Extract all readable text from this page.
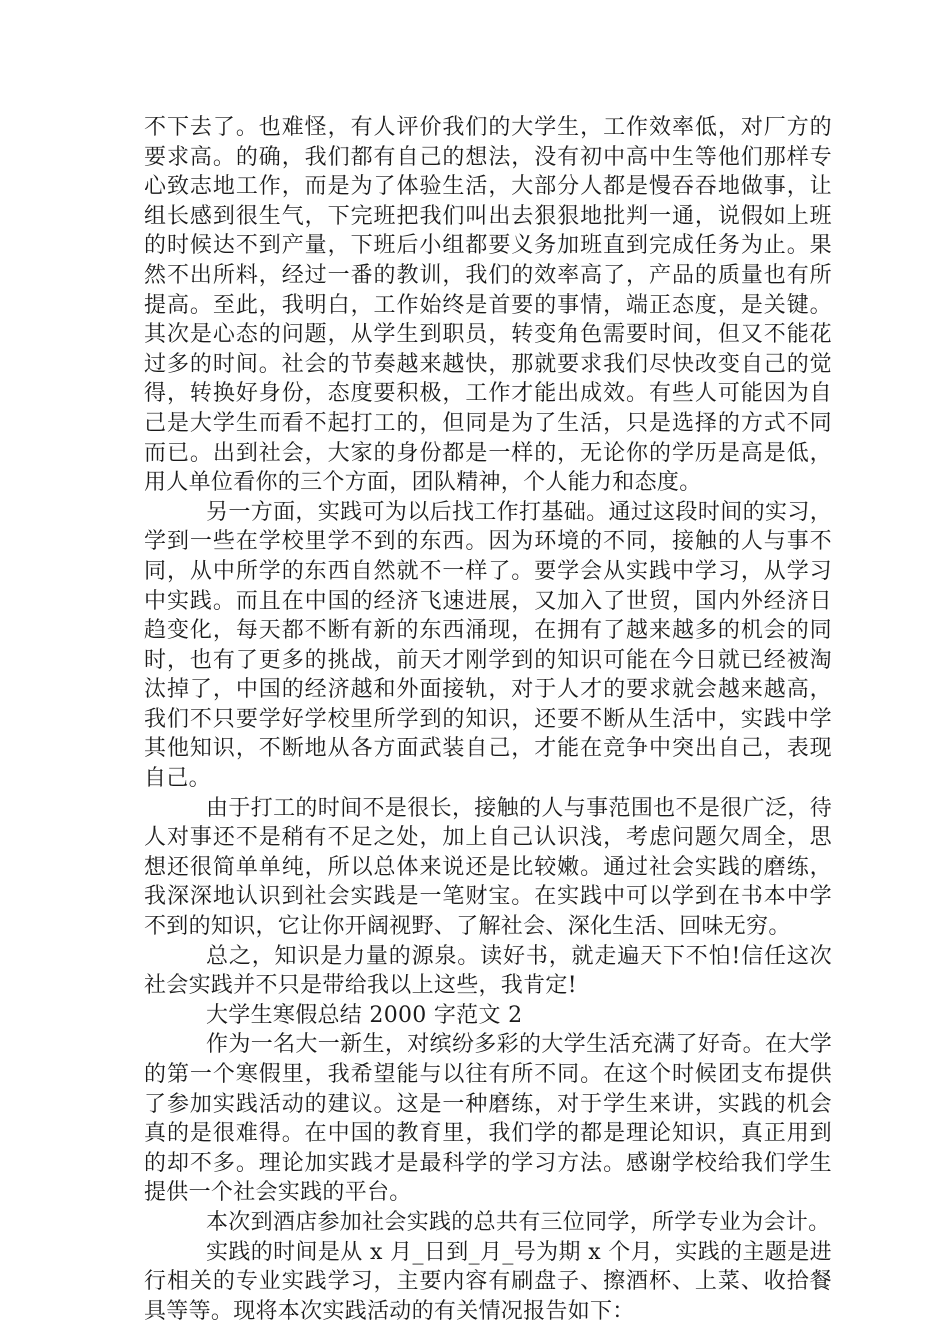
不下去了。也难怪，有人评价我们的大学生，工作效率低，对厂方的要求高。的确，我们都有自己的想法，没有初中高中生等他们那样专心致志地工作，而是为了体验生活，大部分人都是慢吞吞地做事，让组长感到很生气，下完班把我们叫出去狠狠地批判一通，说假如上班的时候达不到产量，下班后小组都要义务加班直到完成任务为止。果然不出所料，经过一番的教训，我们的效率高了，产品的质量也有所提高。至此，我明白，工作始终是首要的事情，端正态度，是关键。其次是心态的问题，从学生到职员，转变角色需要时间，但又不能花过多的时间。社会的节奏越来越快，那就要求我们尽快改变自己的觉得，转换好身份，态度要积极，工作才能出成效。有些人可能因为自己是大学生而看不起打工的，但同是为了生活，只是选择的方式不同而已。出到社会，大家的身份都是一样的，无论你的学历是高是低，用人单位看你的三个方面，团队精神，个人能力和态度。

另一方面，实践可为以后找工作打基础。通过这段时间的实习，学到一些在学校里学不到的东西。因为环境的不同，接触的人与事不同，从中所学的东西自然就不一样了。要学会从实践中学习，从学习中实践。而且在中国的经济飞速进展，又加入了世贸，国内外经济日趋变化，每天都不断有新的东西涌现，在拥有了越来越多的机会的同时，也有了更多的挑战，前天才刚学到的知识可能在今日就已经被淘汰掉了，中国的经济越和外面接轨，对于人才的要求就会越来越高，我们不只要学好学校里所学到的知识，还要不断从生活中，实践中学其他知识，不断地从各方面武装自己，才能在竞争中突出自己，表现自己。

由于打工的时间不是很长，接触的人与事范围也不是很广泛，待人对事还不是稍有不足之处，加上自己认识浅，考虑问题欠周全，思想还很简单单纯，所以总体来说还是比较嫩。通过社会实践的磨练，我深深地认识到社会实践是一笔财宝。在实践中可以学到在书本中学不到的知识，它让你开阔视野、了解社会、深化生活、回味无穷。

总之，知识是力量的源泉。读好书，就走遍天下不怕!信任这次社会实践并不只是带给我以上这些，我肯定!

大学生寒假总结 2000 字范文 2

作为一名大一新生，对缤纷多彩的大学生活充满了好奇。在大学的第一个寒假里，我希望能与以往有所不同。在这个时候团支布提供了参加实践活动的建议。这是一种磨练，对于学生来讲，实践的机会真的是很难得。在中国的教育里，我们学的都是理论知识，真正用到的却不多。理论加实践才是最科学的学习方法。感谢学校给我们学生提供一个社会实践的平台。

本次到酒店参加社会实践的总共有三位同学，所学专业为会计。

实践的时间是从 x 月_日到_月_号为期 x 个月，实践的主题是进行相关的专业实践学习，主要内容有刷盘子、擦酒杯、上菜、收拾餐具等等。现将本次实践活动的有关情况报告如下：
